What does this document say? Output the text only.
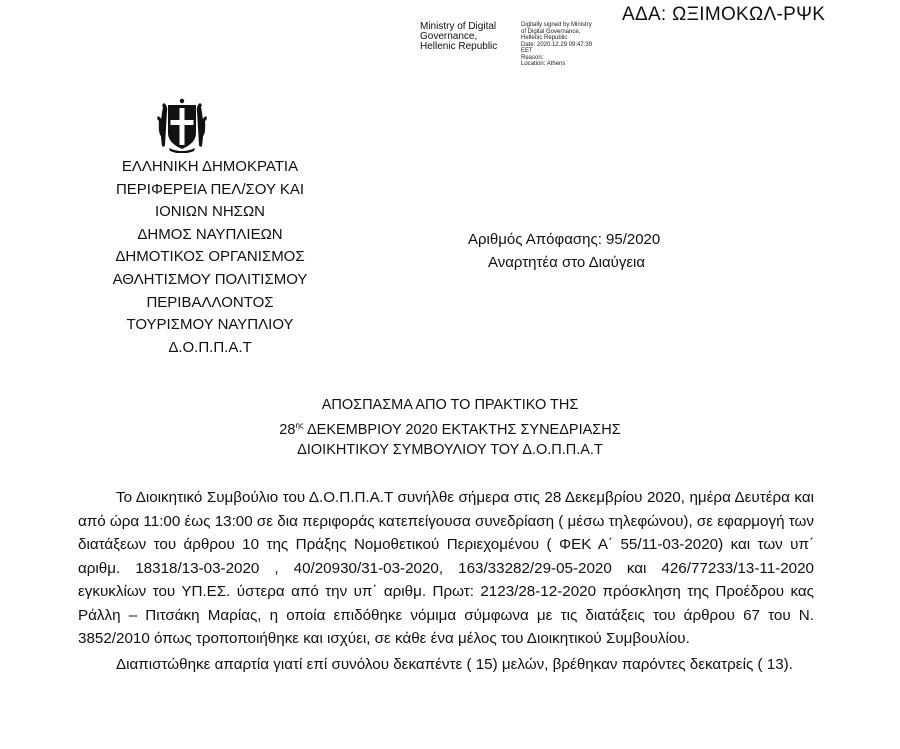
ΑΔΑ: ΩΞΙΜΟΚΩΛ-ΡΨΚ
Ministry of Digital
Governance,
Hellenic Republic
Digitally signed by Ministry
of Digital Governance,
Hellenic Republic
Date: 2020.12.29 09:47:39
EET
Reason:
Location: Athens
ΕΛΛΗΝΙΚΗ ΔΗΜΟΚΡΑΤΙΑ
ΠΕΡΙΦΕΡΕΙΑ ΠΕΛ/ΣΟΥ ΚΑΙ
ΙΟΝΙΩΝ ΝΗΣΩΝ
ΔΗΜΟΣ ΝΑΥΠΛΙΕΩΝ
ΔΗΜΟΤΙΚΟΣ ΟΡΓΑΝΙΣΜΟΣ
ΑΘΛΗΤΙΣΜΟΥ ΠΟΛΙΤΙΣΜΟΥ
ΠΕΡΙΒΑΛΛΟΝΤΟΣ
ΤΟΥΡΙΣΜΟΥ ΝΑΥΠΛΙΟΥ
Δ.Ο.Π.Π.Α.Τ
Αριθμός Απόφασης: 95/2020
Αναρτητέα στο Διαύγεια
ΑΠΟΣΠΑΣΜΑ ΑΠΟ ΤΟ ΠΡΑΚΤΙΚΟ ΤΗΣ
$28^{\eta\varsigma}$ ΔΕΚΕΜΒΡΙΟΥ 2020 ΕΚΤΑΚΤΗΣ ΣΥΝΕΔΡΙΑΣΗΣ
ΔΙΟΙΚΗΤΙΚΟΥ ΣΥΜΒΟΥΛΙΟΥ ΤΟΥ Δ.Ο.Π.Π.Α.Τ

Το Διοικητικό Συμβούλιο του Δ.Ο.Π.Π.Α.Τ συνήλθε σήμερα στις 28 Δεκεμβρίου 2020, ημέρα Δευτέρα και από ώρα 11:00 έως 13:00 σε δια περιφοράς κατεπείγουσα συνεδρίαση ( μέσω τηλεφώνου), σε εφαρμογή των διατάξεων του άρθρου 10 της Πράξης Νομοθετικού Περιεχομένου ( ΦΕΚ Α΄ 55/11-03-2020) και των υπ΄ αριθμ. 18318/13-03-2020 , 40/20930/31-03-2020, 163/33282/29-05-2020 και 426/77233/13-11-2020 εγκυκλίων του ΥΠ.ΕΣ. ύστερα από την υπ΄ αριθμ. Πρωτ: 2123/28-12-2020 πρόσκληση της Προέδρου κας Ράλλη – Πιτσάκη Μαρίας, η οποία επιδόθηκε νόμιμα σύμφωνα με τις διατάξεις του άρθρου 67 του Ν. 3852/2010 όπως τροποποιήθηκε και ισχύει, σε κάθε ένα μέλος του Διοικητικού Συμβουλίου.

Διαπιστώθηκε απαρτία γιατί επί συνόλου δεκαπέντε ( 15) μελών, βρέθηκαν παρόντες δεκατρείς ( 13).
